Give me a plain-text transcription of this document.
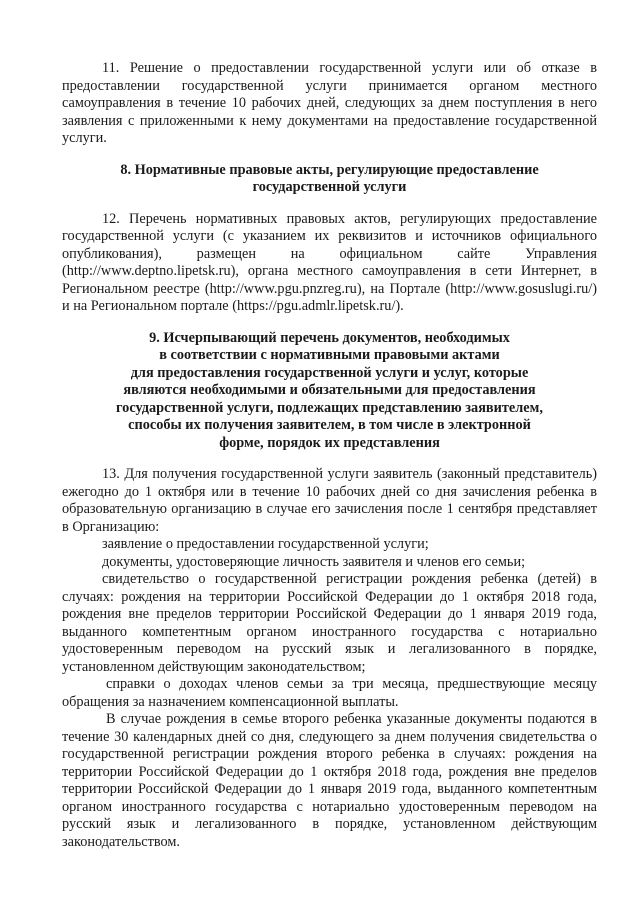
11. Решение о предоставлении государственной услуги или об отказе в предоставлении государственной услуги принимается органом местного самоуправления в течение 10 рабочих дней, следующих за днем поступления в него заявления с приложенными к нему документами на предоставление государственной услуги.

8. Нормативные правовые акты, регулирующие предоставление
государственной услуги

12. Перечень нормативных правовых актов, регулирующих предоставление государственной услуги (с указанием их реквизитов и источников официального опубликования), размещен на официальном сайте Управления (http://www.deptno.lipetsk.ru), органа местного самоуправления в сети Интернет, в Региональном реестре (http://www.pgu.pnzreg.ru), на Портале (http://www.gosuslugi.ru/) и на Региональном портале (https://pgu.admlr.lipetsk.ru/).

9. Исчерпывающий перечень документов, необходимых
в соответствии с нормативными правовыми актами
для предоставления государственной услуги и услуг, которые
являются необходимыми и обязательными для предоставления
государственной услуги, подлежащих представлению заявителем,
способы их получения заявителем, в том числе в электронной
форме, порядок их представления

13. Для получения государственной услуги заявитель (законный представитель) ежегодно до 1 октября или в течение 10 рабочих дней со дня зачисления ребенка в образовательную организацию в случае его зачисления после 1 сентября представляет в Организацию:

заявление о предоставлении государственной услуги;

документы, удостоверяющие личность заявителя и членов его семьи;

свидетельство о государственной регистрации рождения ребенка (детей) в случаях: рождения на территории Российской Федерации до 1 октября 2018 года, рождения вне пределов территории Российской Федерации до 1 января 2019 года, выданного компетентным органом иностранного государства с нотариально удостоверенным переводом на русский язык и легализованного в порядке, установленном действующим законодательством;

справки о доходах членов семьи за три месяца, предшествующие месяцу обращения за назначением компенсационной выплаты.

В случае рождения в семье второго ребенка указанные документы подаются в течение 30 календарных дней со дня, следующего за днем получения свидетельства о государственной регистрации рождения второго ребенка в случаях: рождения на территории Российской Федерации до 1 октября 2018 года, рождения вне пределов территории Российской Федерации до 1 января 2019 года, выданного компетентным органом иностранного государства с нотариально удостоверенным переводом на русский язык и легализованного в порядке, установленном действующим законодательством.
